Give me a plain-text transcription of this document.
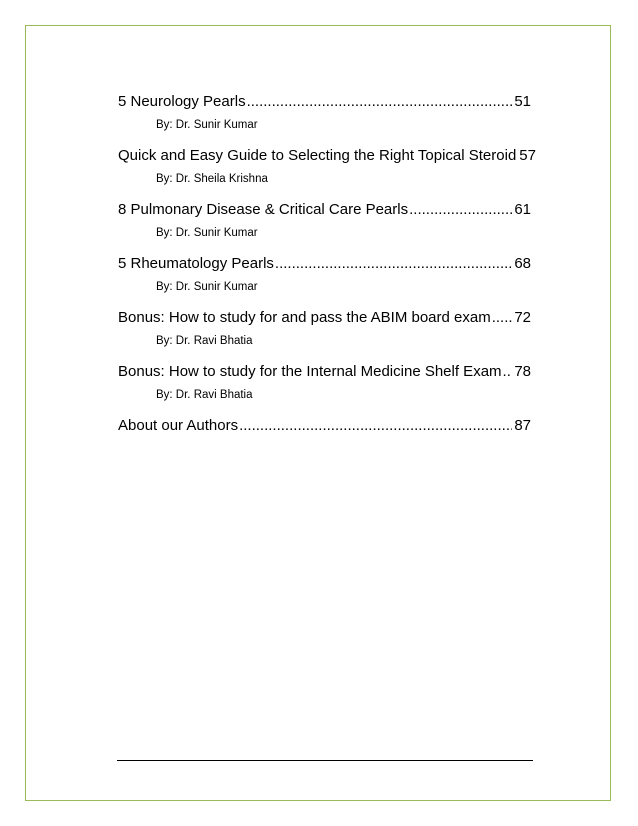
5 Neurology Pearls .....	51
By: Dr. Sunir Kumar
Quick and Easy Guide to Selecting the Right Topical Steroid 57
By: Dr. Sheila Krishna
8 Pulmonary Disease & Critical Care Pearls .....	61
By: Dr. Sunir Kumar
5 Rheumatology Pearls .....	68
By: Dr. Sunir Kumar
Bonus: How to study for and pass the ABIM board exam ..... 72
By: Dr. Ravi Bhatia
Bonus: How to study for the Internal Medicine Shelf Exam ..... 78
By: Dr. Ravi Bhatia
About our Authors .....	87
